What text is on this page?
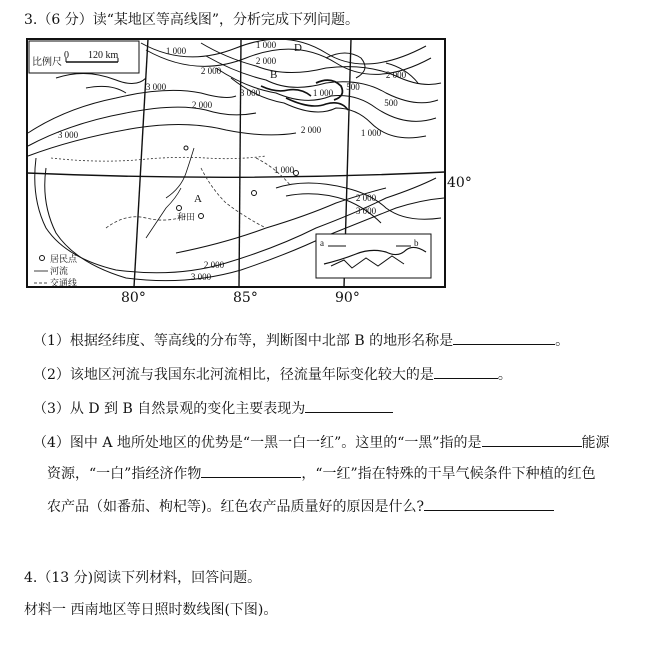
3.（6 分）读“某地区等高线图”，分析完成下列问题。
比例尺
0 120 km	1 000
1 000
1 000
1 000
2 000
2 000
2 000
2 000
2 000
2 000
2 000
3 000
3 000
3 000
3 000
3 000
500
500
1 000
D
B
A
a	b
和田
居民点
河流
交通线
40°
80°	85°	90°
（1）根据经纬度、等高线的分布等，判断图中北部 B 的地形名称是	。
（2）该地区河流与我国东北河流相比，径流量年际变化较大的是	。
（3）从 D 到 B 自然景观的变化主要表现为
（4）图中 A 地所处地区的优势是“一黑一白一红”。这里的“一黑”指的是	能源
资源，“一白”指经济作物	，“一红”指在特殊的干旱气候条件下种植的红色
农产品（如番茄、枸杞等)。红色农产品质量好的原因是什么?
4.（13 分)阅读下列材料，回答问题。
材料一 西南地区等日照时数线图(下图)。
